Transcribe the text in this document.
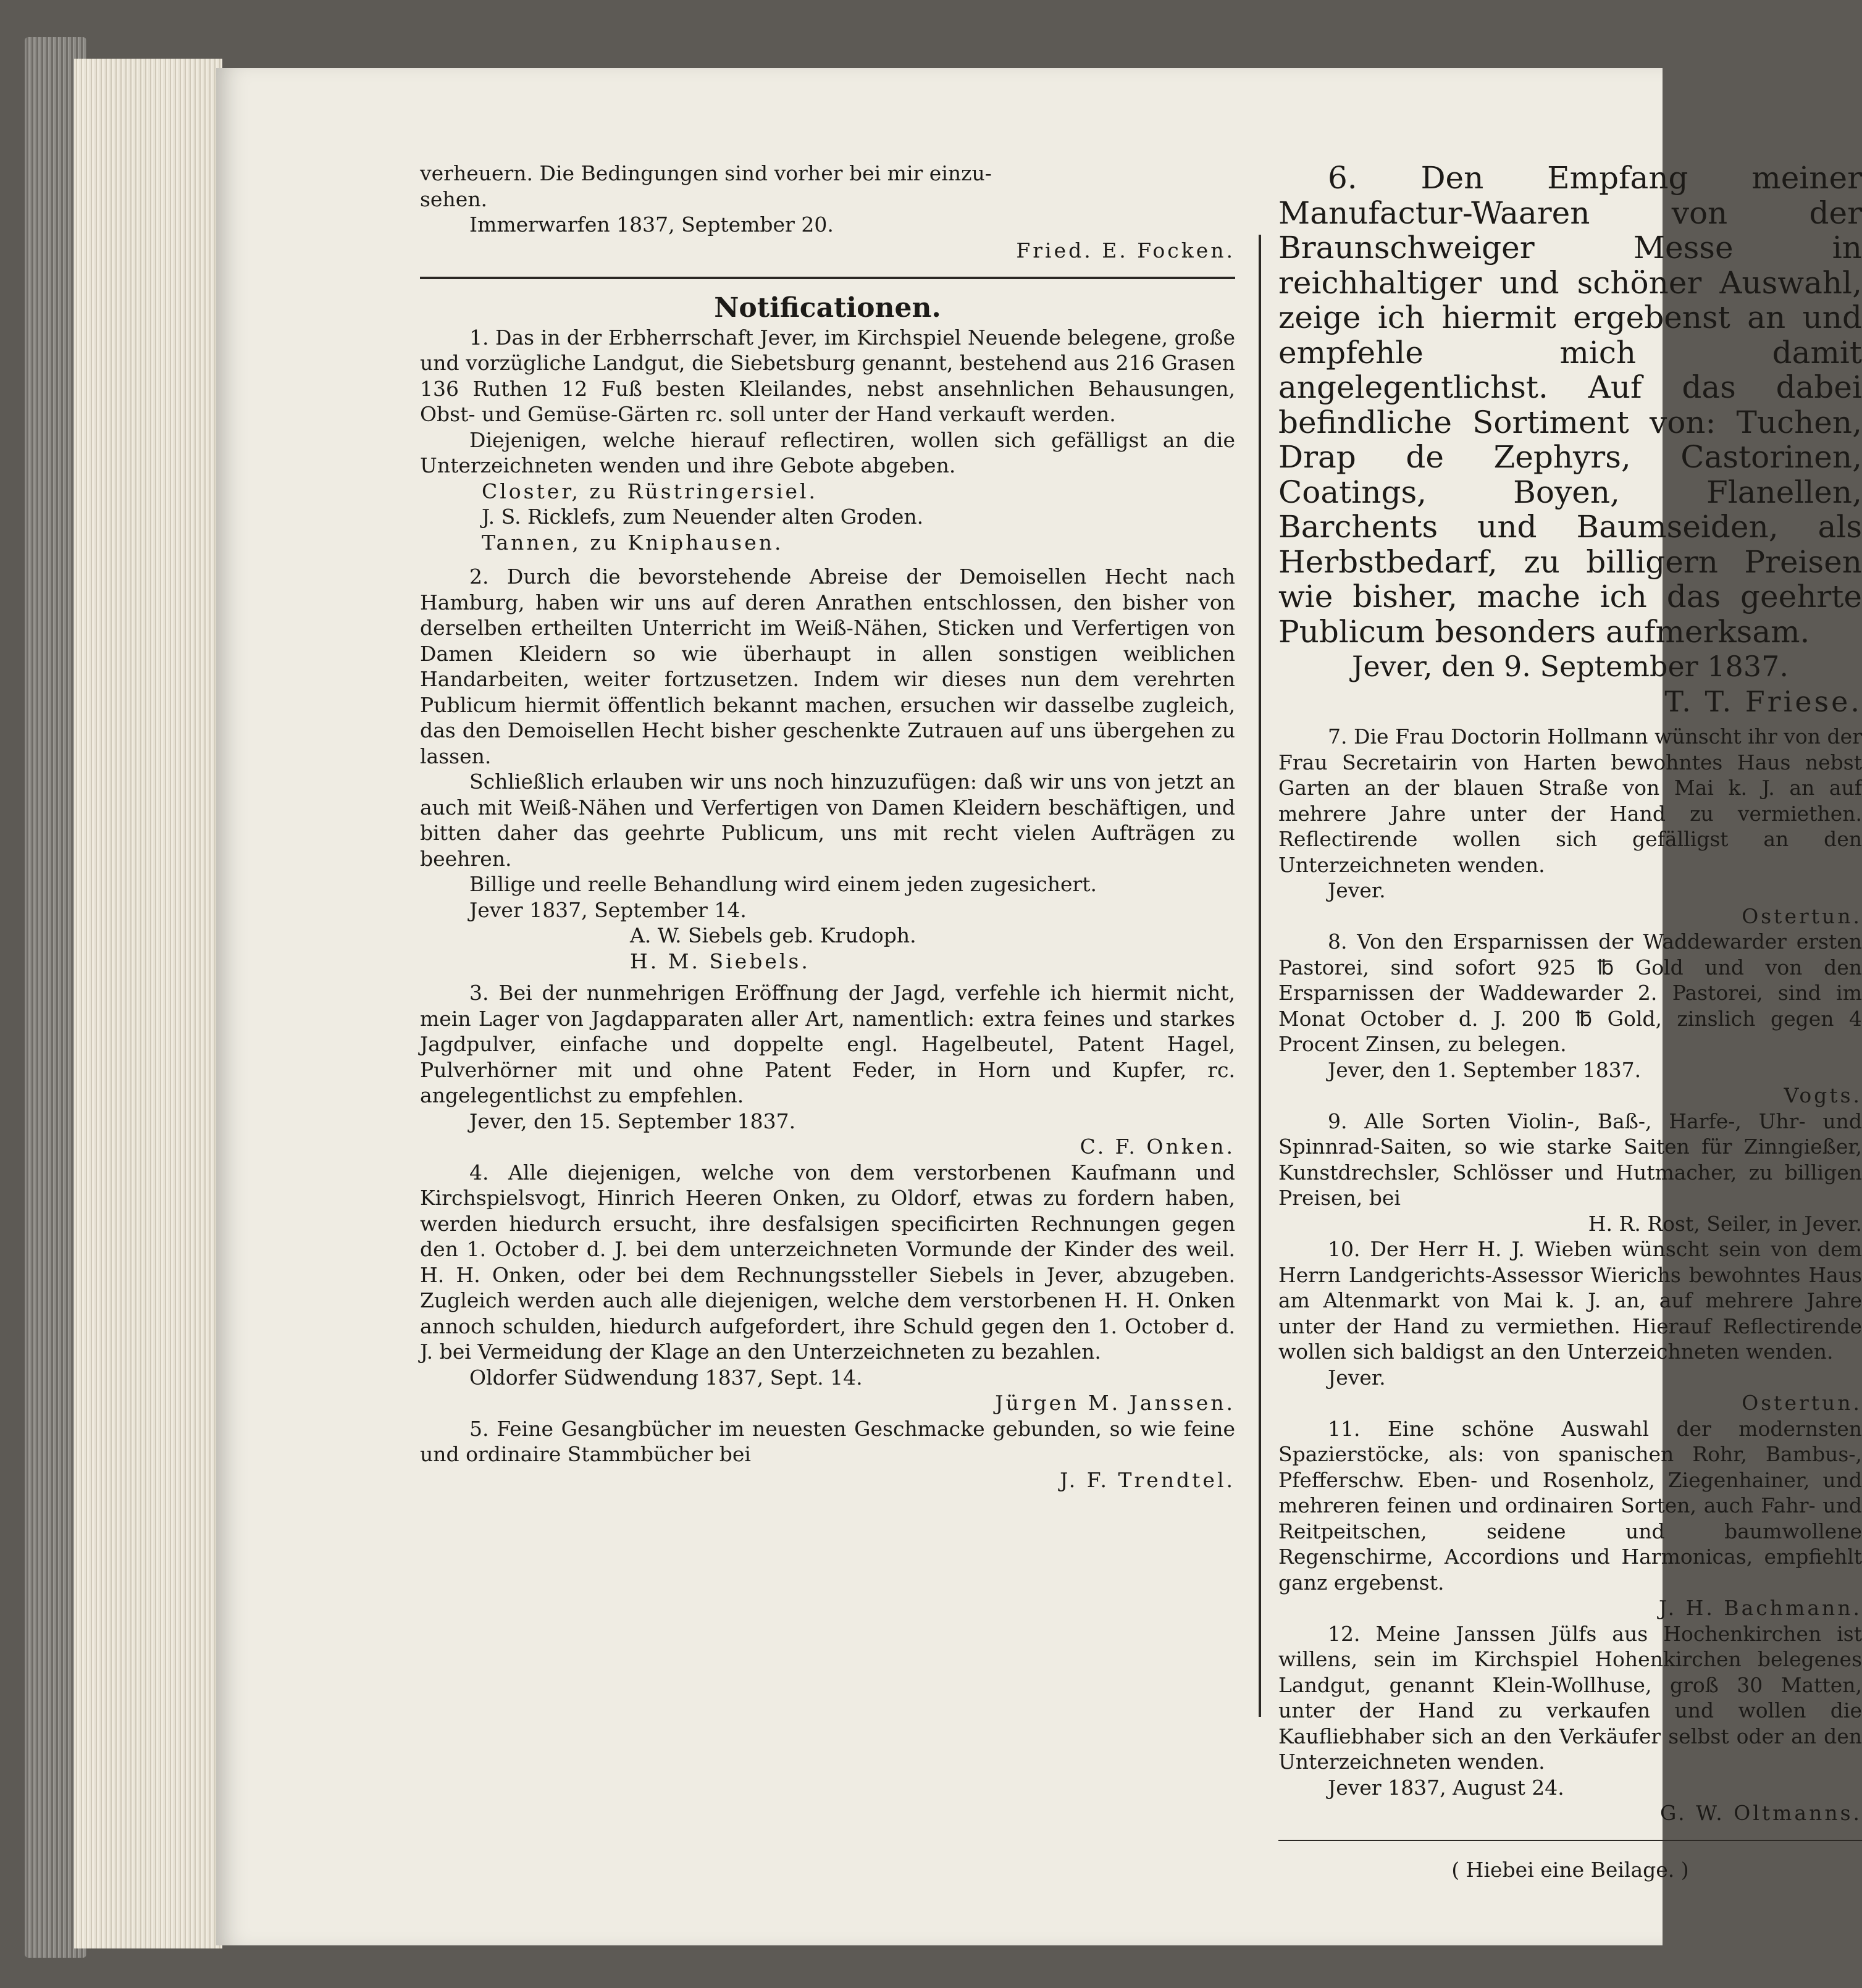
verheuern. Die Bedingungen sind vorher bei mir einzu-

sehen.

Immerwarfen 1837, September 20.

Fried. E. Focken.

Notificationen.

1. Das in der Erbherrschaft Jever, im Kirchspiel Neuende belegene, große und vorzügliche Landgut, die Siebetsburg genannt, bestehend aus 216 Grasen 136 Ruthen 12 Fuß besten Kleilandes, nebst ansehnlichen Behausungen, Obst- und Gemüse-Gärten rc. soll unter der Hand verkauft werden.

Diejenigen, welche hierauf reflectiren, wollen sich gefälligst an die Unterzeichneten wenden und ihre Gebote abgeben.

Closter, zu Rüstringersiel.

J. S. Ricklefs, zum Neuender alten Groden.

Tannen, zu Kniphausen.

2. Durch die bevorstehende Abreise der Demoisellen Hecht nach Hamburg, haben wir uns auf deren Anrathen entschlossen, den bisher von derselben ertheilten Unterricht im Weiß-Nähen, Sticken und Verfertigen von Damen Kleidern so wie überhaupt in allen sonstigen weiblichen Handarbeiten, weiter fortzusetzen. Indem wir dieses nun dem verehrten Publicum hiermit öffentlich bekannt machen, ersuchen wir dasselbe zugleich, das den Demoisellen Hecht bisher geschenkte Zutrauen auf uns übergehen zu lassen.

Schließlich erlauben wir uns noch hinzuzufügen: daß wir uns von jetzt an auch mit Weiß-Nähen und Verfertigen von Damen Kleidern beschäftigen, und bitten daher das geehrte Publicum, uns mit recht vielen Aufträgen zu beehren.

Billige und reelle Behandlung wird einem jeden zugesichert.

Jever 1837, September 14.

A. W. Siebels geb. Krudoph.

H. M. Siebels.

3. Bei der nunmehrigen Eröffnung der Jagd, verfehle ich hiermit nicht, mein Lager von Jagdapparaten aller Art, namentlich: extra feines und starkes Jagdpulver, einfache und doppelte engl. Hagelbeutel, Patent Hagel, Pulverhörner mit und ohne Patent Feder, in Horn und Kupfer, rc. angelegentlichst zu empfehlen.

Jever, den 15. September 1837.

C. F. Onken.

4. Alle diejenigen, welche von dem verstorbenen Kaufmann und Kirchspielsvogt, Hinrich Heeren Onken, zu Oldorf, etwas zu fordern haben, werden hiedurch ersucht, ihre desfalsigen specificirten Rechnungen gegen den 1. October d. J. bei dem unterzeichneten Vormunde der Kinder des weil. H. H. Onken, oder bei dem Rechnungssteller Siebels in Jever, abzugeben. Zugleich werden auch alle diejenigen, welche dem verstorbenen H. H. Onken annoch schulden, hiedurch aufgefordert, ihre Schuld gegen den 1. October d. J. bei Vermeidung der Klage an den Unterzeichneten zu bezahlen.

Oldorfer Südwendung 1837, Sept. 14.

Jürgen M. Janssen.

5. Feine Gesangbücher im neuesten Geschmacke gebunden, so wie feine und ordinaire Stammbücher bei

J. F. Trendtel.

6. Den Empfang meiner Manufactur-Waaren von der Braunschweiger Messe in reichhaltiger und schöner Auswahl, zeige ich hiermit ergebenst an und empfehle mich damit angelegentlichst. Auf das dabei befindliche Sortiment von: Tuchen, Drap de Zephyrs, Castorinen, Coatings, Boyen, Flanellen, Barchents und Baumseiden, als Herbstbedarf, zu billigern Preisen wie bisher, mache ich das geehrte Publicum besonders aufmerksam.

Jever, den 9. September 1837.

T. T. Friese.

7. Die Frau Doctorin Hollmann wünscht ihr von der Frau Secretairin von Harten bewohntes Haus nebst Garten an der blauen Straße von Mai k. J. an auf mehrere Jahre unter der Hand zu vermiethen. Reflectirende wollen sich gefälligst an den Unterzeichneten wenden.

Jever.

Ostertun.

8. Von den Ersparnissen der Waddewarder ersten Pastorei, sind sofort 925 ℔ Gold und von den Ersparnissen der Waddewarder 2. Pastorei, sind im Monat October d. J. 200 ℔ Gold, zinslich gegen 4 Procent Zinsen, zu belegen.

Jever, den 1. September 1837.

Vogts.

9. Alle Sorten Violin-, Baß-, Harfe-, Uhr- und Spinnrad-Saiten, so wie starke Saiten für Zinngießer, Kunstdrechsler, Schlösser und Hutmacher, zu billigen Preisen, bei

H. R. Rost, Seiler, in Jever.

10. Der Herr H. J. Wieben wünscht sein von dem Herrn Landgerichts-Assessor Wierichs bewohntes Haus am Altenmarkt von Mai k. J. an, auf mehrere Jahre unter der Hand zu vermiethen. Hierauf Reflectirende wollen sich baldigst an den Unterzeichneten wenden.

Jever.

Ostertun.

11. Eine schöne Auswahl der modernsten Spazierstöcke, als: von spanischen Rohr, Bambus-, Pfefferschw. Eben- und Rosenholz, Ziegenhainer, und mehreren feinen und ordinairen Sorten, auch Fahr- und Reitpeitschen, seidene und baumwollene Regenschirme, Accordions und Harmonicas, empfiehlt ganz ergebenst.

J. H. Bachmann.

12. Meine Janssen Jülfs aus Hochenkirchen ist willens, sein im Kirchspiel Hohenkirchen belegenes Landgut, genannt Klein-Wollhuse, groß 30 Matten, unter der Hand zu verkaufen und wollen die Kaufliebhaber sich an den Verkäufer selbst oder an den Unterzeichneten wenden.

Jever 1837, August 24.

G. W. Oltmanns.

( Hiebei eine Beilage. )
